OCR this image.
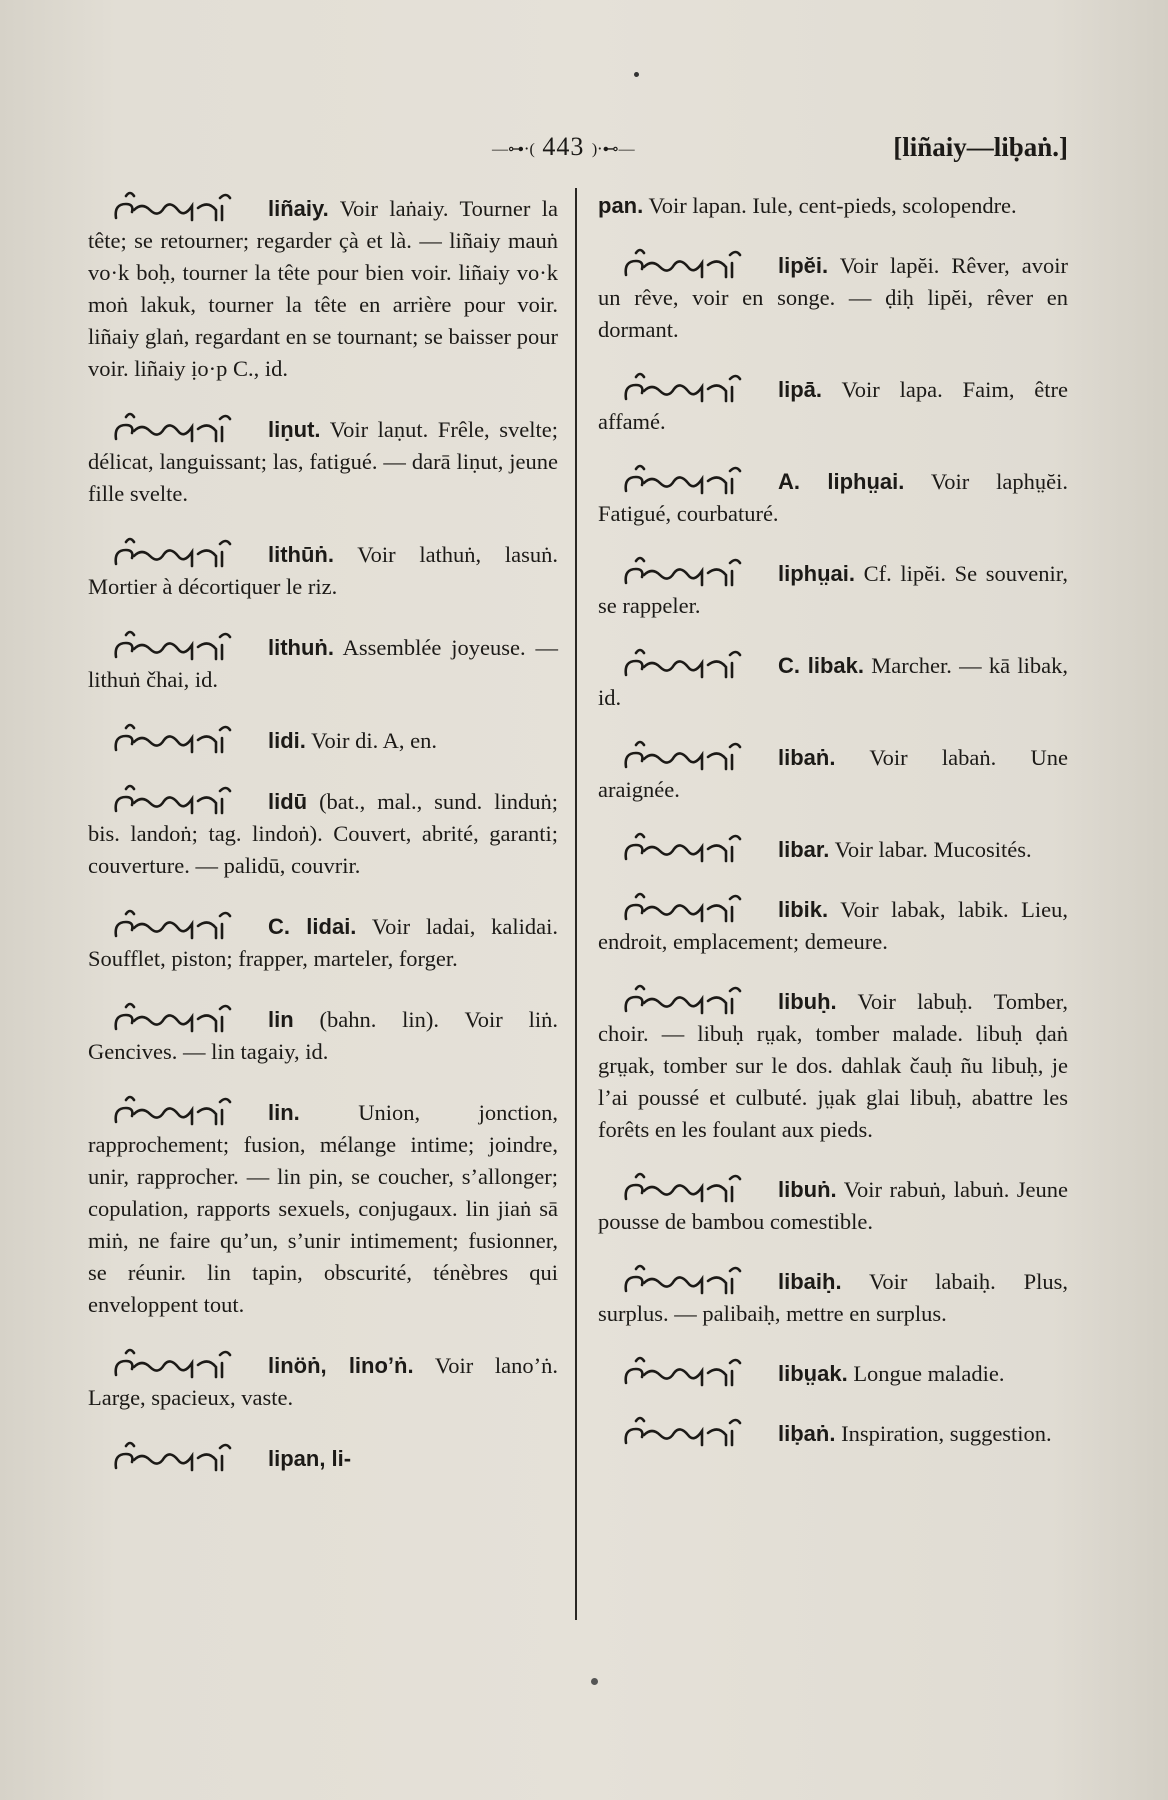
—⊶⋅( 443 )⋅⊷—	[liñaiy—liḅaṅ.]
liñaiy. Voir laṅaiy. Tourner la tête; se retourner; regarder çà et là. — liñaiy mauṅ vo·k boḥ, tourner la tête pour bien voir. liñaiy vo·k moṅ lakuk, tourner la tête en arrière pour voir. liñaiy glaṅ, regardant en se tournant; se baisser pour voir. liñaiy ịo·p C., id.
liṇut. Voir laṇut. Frêle, svelte; délicat, languissant; las, fatigué. — darā liṇut, jeune fille svelte.
lithūṅ. Voir lathuṅ, lasuṅ. Mortier à décortiquer le riz.
lithuṅ. Assemblée joyeuse. — lithuṅ čhai, id.
lidi. Voir di. A, en.
lidū (bat., mal., sund. linduṅ; bis. landoṅ; tag. lindoṅ). Couvert, abrité, garanti; couverture. — palidū, couvrir.
C. lidai. Voir ladai, kalidai. Soufflet, piston; frapper, marteler, forger.
lin (bahn. lin). Voir liṅ. Gencives. — lin tagaiy, id.
lin.	Union, jonction, rapprochement; fusion, mélange intime; joindre, unir, rapprocher. — lin pin, se coucher, s’allonger; copulation, rapports sexuels, conjugaux. lin jiaṅ sā miṅ, ne faire qu’un, s’unir intimement; fusionner, se réunir. lin tapin, obscurité, ténèbres qui enveloppent tout.
linöṅ, lino’ṅ. Voir lano’ṅ. Large, spacieux, vaste.
lipan, li-
pan. Voir lapan. Iule, cent-pieds, scolopendre.
lipĕi. Voir lapĕi. Rêver, avoir un rêve, voir en songe. — ḍiḥ lipĕi, rêver en dormant.
lipā. Voir lapa. Faim, être affamé.
A. liphṳai. Voir laphṳĕi. Fatigué, courbaturé.
liphṳai. Cf. lipĕi. Se souvenir, se rappeler.
C. libak. Marcher. — kā libak, id.
libaṅ. Voir labaṅ. Une araignée.
libar. Voir labar. Mucosités.
libik. Voir labak, labik. Lieu, endroit, emplacement; demeure.
libuḥ. Voir labuḥ. Tomber, choir. — libuḥ rṳak, tomber malade. libuḥ ḍaṅ grṳak, tomber sur le dos. dahlak čauḥ ñu libuḥ, je l’ai poussé et culbuté. jṳak glai libuḥ, abattre les forêts en les foulant aux pieds.
libuṅ. Voir rabuṅ, labuṅ. Jeune pousse de bambou comestible.
libaiḥ. Voir labaiḥ. Plus, surplus. — palibaiḥ, mettre en surplus.
libṳak. Longue maladie.
liḅaṅ. Inspiration, suggestion.
